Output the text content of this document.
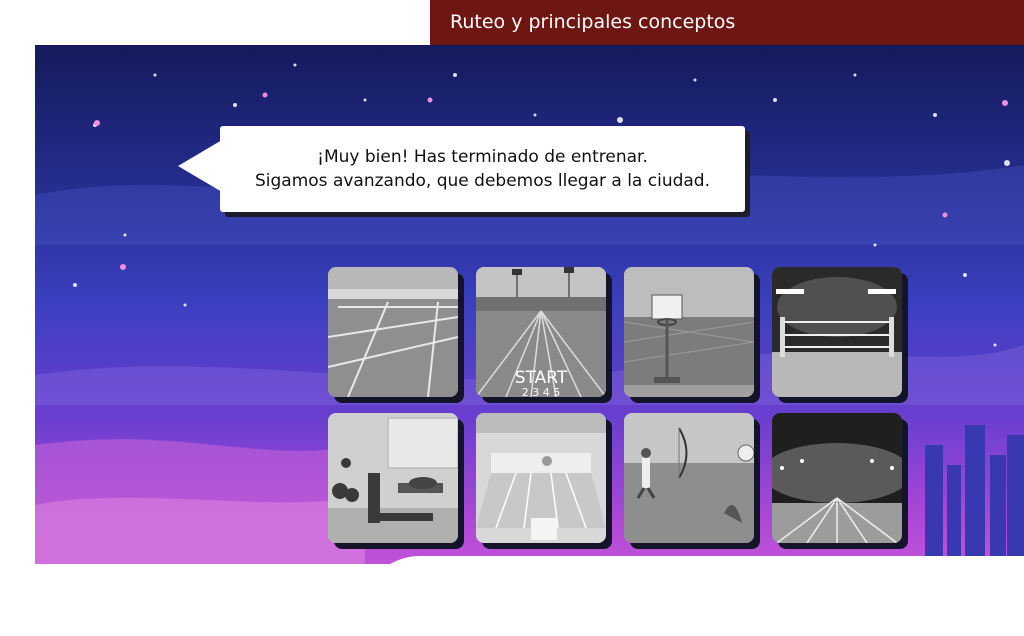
Ruteo y principales conceptos
¡Muy bien! Has terminado de entrenar.
Sigamos avanzando, que debemos llegar a la ciudad.
START
2 3 4 5
